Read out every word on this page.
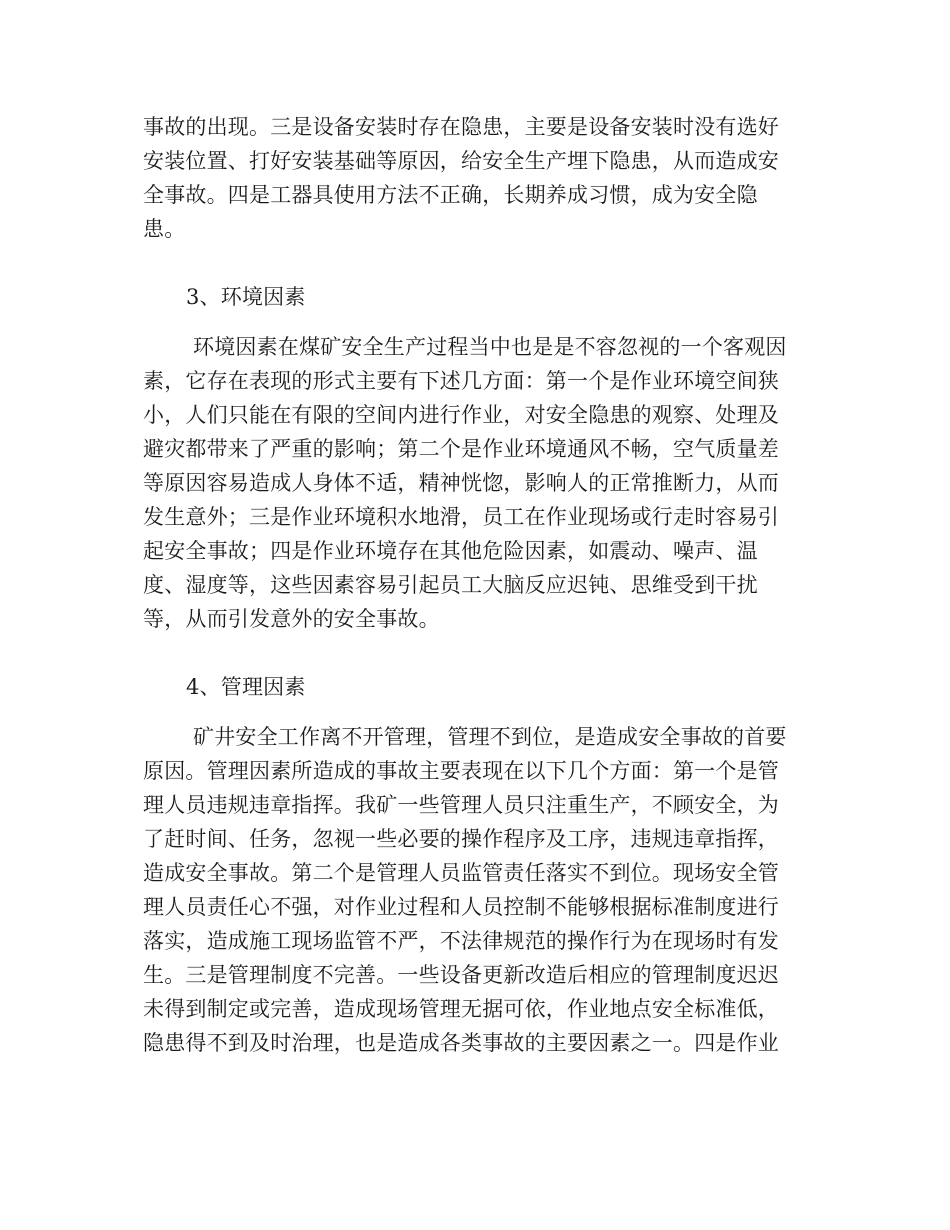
事故的出现。三是设备安装时存在隐患，主要是设备安装时没有选好
安装位置、打好安装基础等原因，给安全生产埋下隐患，从而造成安
全事故。四是工器具使用方法不正确，长期养成习惯，成为安全隐
患。
3、环境因素
环境因素在煤矿安全生产过程当中也是是不容忽视的一个客观因
素，它存在表现的形式主要有下述几方面：第一个是作业环境空间狭
小，人们只能在有限的空间内进行作业，对安全隐患的观察、处理及
避灾都带来了严重的影响；第二个是作业环境通风不畅，空气质量差
等原因容易造成人身体不适，精神恍惚，影响人的正常推断力，从而
发生意外；三是作业环境积水地滑，员工在作业现场或行走时容易引
起安全事故；四是作业环境存在其他危险因素，如震动、噪声、温
度、湿度等，这些因素容易引起员工大脑反应迟钝、思维受到干扰
等，从而引发意外的安全事故。
4、管理因素
矿井安全工作离不开管理，管理不到位，是造成安全事故的首要
原因。管理因素所造成的事故主要表现在以下几个方面：第一个是管
理人员违规违章指挥。我矿一些管理人员只注重生产，不顾安全，为
了赶时间、任务，忽视一些必要的操作程序及工序，违规违章指挥，
造成安全事故。第二个是管理人员监管责任落实不到位。现场安全管
理人员责任心不强，对作业过程和人员控制不能够根据标准制度进行
落实，造成施工现场监管不严，不法律规范的操作行为在现场时有发
生。三是管理制度不完善。一些设备更新改造后相应的管理制度迟迟
未得到制定或完善，造成现场管理无据可依，作业地点安全标准低，
隐患得不到及时治理，也是造成各类事故的主要因素之一。四是作业
